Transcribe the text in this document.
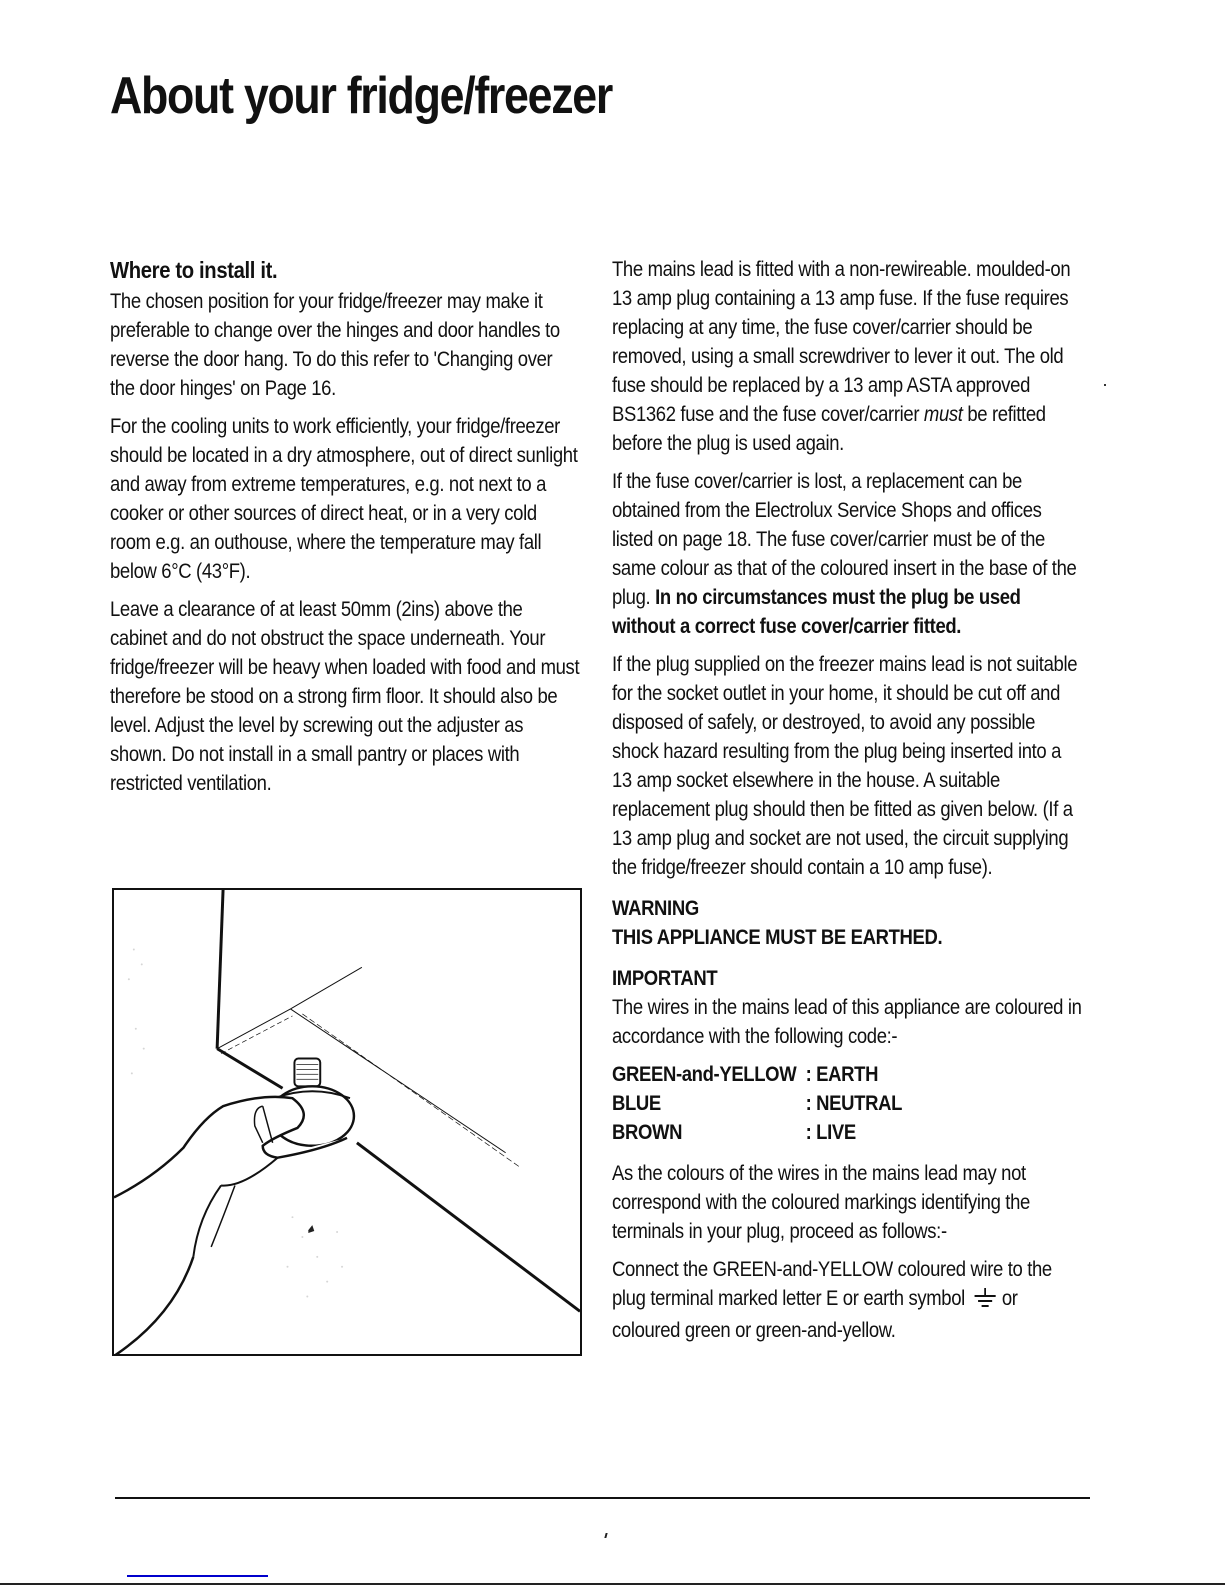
About your fridge/freezer
Where to install it.

The chosen position for your fridge/freezer may make it preferable to change over the hinges and door handles to reverse the door hang. To do this refer to 'Changing over the door hinges' on Page 16.

For the cooling units to work efficiently, your fridge/freezer should be located in a dry atmosphere, out of direct sunlight and away from extreme temperatures, e.g. not next to a cooker or other sources of direct heat, or in a very cold room e.g. an outhouse, where the temperature may fall below 6°C (43°F).

Leave a clearance of at least 50mm (2ins) above the cabinet and do not obstruct the space underneath. Your fridge/freezer will be heavy when loaded with food and must therefore be stood on a strong firm floor. It should also be level. Adjust the level by screwing out the adjuster as shown. Do not install in a small pantry or places with restricted ventilation.

The mains lead is fitted with a non-rewireable. moulded-on 13 amp plug containing a 13 amp fuse. If the fuse requires replacing at any time, the fuse cover/carrier should be removed, using a small screwdriver to lever it out. The old fuse should be replaced by a 13 amp ASTA approved BS1362 fuse and the fuse cover/carrier must be refitted before the plug is used again.

If the fuse cover/carrier is lost, a replacement can be obtained from the Electrolux Service Shops and offices listed on page 18. The fuse cover/carrier must be of the same colour as that of the coloured insert in the base of the plug. In no circumstances must the plug be used without a correct fuse cover/carrier fitted.

If the plug supplied on the freezer mains lead is not suitable for the socket outlet in your home, it should be cut off and disposed of safely, or destroyed, to avoid any possible shock hazard resulting from the plug being inserted into a 13 amp socket elsewhere in the house. A suitable replacement plug should then be fitted as given below. (If a 13 amp plug and socket are not used, the circuit supplying the fridge/freezer should contain a 10 amp fuse).

WARNING
THIS APPLIANCE MUST BE EARTHED.
IMPORTANT

The wires in the mains lead of this appliance are coloured in accordance with the following code:-

GREEN-and-YELLOW	: EARTH
BLUE	: NEUTRAL
BROWN	: LIVE

As the colours of the wires in the mains lead may not correspond with the coloured markings identifying the terminals in your plug, proceed as follows:-

Connect the GREEN-and-YELLOW coloured wire to the plug terminal marked letter E or earth symbol or coloured green or green-and-yellow.
